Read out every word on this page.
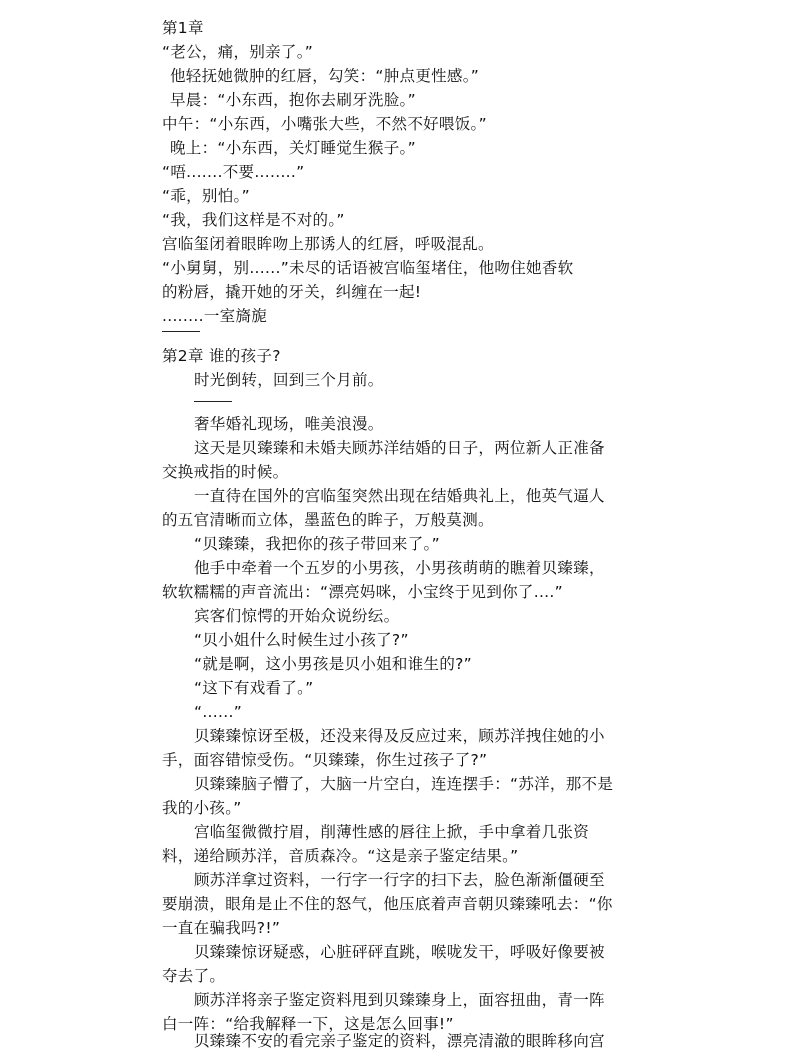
第1章
“老公，痛，别亲了。”
他轻抚她微肿的红唇，勾笑：“肿点更性感。”
早晨：“小东西，抱你去刷牙洗脸。”
中午：“小东西，小嘴张大些，不然不好喂饭。”
晚上：“小东西，关灯睡觉生猴子。”
“唔.......不要........”
“乖，别怕。”
“我，我们这样是不对的。”
宫临玺闭着眼眸吻上那诱人的红唇，呼吸混乱。
“小舅舅，别......”未尽的话语被宫临玺堵住，他吻住她香软
的粉唇，撬开她的牙关，纠缠在一起!
........一室旖旎
第2章 谁的孩子?
时光倒转，回到三个月前。
奢华婚礼现场，唯美浪漫。
这天是贝臻臻和未婚夫顾苏洋结婚的日子，两位新人正准备
交换戒指的时候。
一直待在国外的宫临玺突然出现在结婚典礼上，他英气逼人
的五官清晰而立体，墨蓝色的眸子，万般莫测。
“贝臻臻，我把你的孩子带回来了。”
他手中牵着一个五岁的小男孩，小男孩萌萌的瞧着贝臻臻，
软软糯糯的声音流出：“漂亮妈咪，小宝终于见到你了....”
宾客们惊愕的开始众说纷纭。
“贝小姐什么时候生过小孩了?”
“就是啊，这小男孩是贝小姐和谁生的?”
“这下有戏看了。”
“......”
贝臻臻惊讶至极，还没来得及反应过来，顾苏洋拽住她的小
手，面容错惊受伤。“贝臻臻，你生过孩子了?”
贝臻臻脑子懵了，大脑一片空白，连连摆手：“苏洋，那不是
我的小孩。”
宫临玺微微拧眉，削薄性感的唇往上掀，手中拿着几张资
料，递给顾苏洋，音质森冷。“这是亲子鉴定结果。”
顾苏洋拿过资料，一行字一行字的扫下去，脸色渐渐僵硬至
要崩溃，眼角是止不住的怒气，他压底着声音朝贝臻臻吼去：“你
一直在骗我吗?!”
贝臻臻惊讶疑惑，心脏砰砰直跳，喉咙发干，呼吸好像要被
夺去了。
顾苏洋将亲子鉴定资料甩到贝臻臻身上，面容扭曲，青一阵
白一阵：“给我解释一下，这是怎么回事!”
贝臻臻不安的看完亲子鉴定的资料，漂亮清澈的眼眸移向宫
